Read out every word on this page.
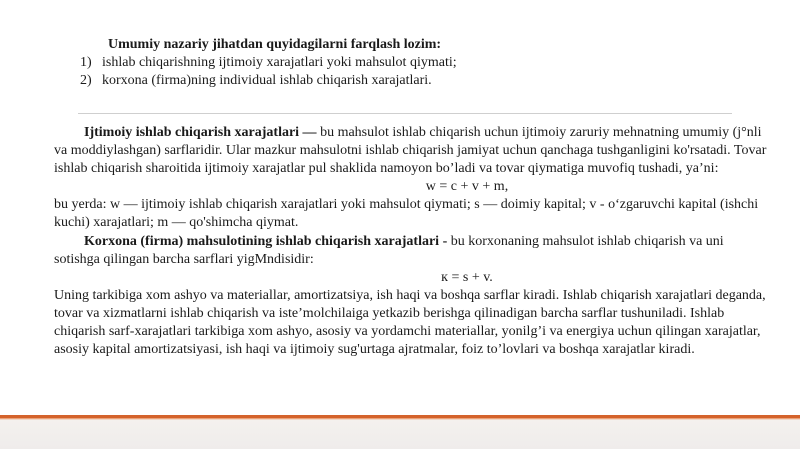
Umumiy nazariy jihatdan quyidagilarni farqlash lozim:
1) ishlab chiqarishning ijtimoiy xarajatlari yoki mahsulot qiymati;
2) korxona (firma)ning individual ishlab chiqarish xarajatlari.

Ijtimoiy ishlab chiqarish xarajatlari — bu mahsulot ishlab chiqarish uchun ijtimoiy zaruriy mehnatning umumiy (j°nli va moddiylashgan) sarflaridir. Ular mazkur mahsulotni ishlab chiqarish jamiyat uchun qanchaga tushganligini ko'rsatadi. Tovar ishlab chiqarish sharoitida ijtimoiy xarajatlar pul shaklida namoyon bo’ladi va tovar qiymatiga muvofiq tushadi, ya’ni:

w = c + v + m,

bu yerda: w — ijtimoiy ishlab chiqarish xarajatlari yoki mahsulot qiymati; s — doimiy kapital; v - o‘zgaruvchi kapital (ishchi kuchi) xarajatlari; m — qo'shimcha qiymat.

Korxona (firma) mahsulotining ishlab chiqarish xarajatlari - bu korxonaning mahsulot ishlab chiqarish va uni sotishga qilingan barcha sarflari yigMndisidir:

к = s + v.

Uning tarkibiga xom ashyo va materiallar, amortizatsiya, ish haqi va boshqa sarflar kiradi. Ishlab chiqarish xarajatlari deganda, tovar va xizmatlarni ishlab chiqarish va iste’molchilaiga yetkazib berishga qilinadigan barcha sarflar tushuniladi. Ishlab chiqarish sarf-xarajatlari tarkibiga xom ashyo, asosiy va yordamchi materiallar, yonilg’i va energiya uchun qilingan xarajatlar, asosiy kapital amortizatsiyasi, ish haqi va ijtimoiy sug'urtaga ajratmalar, foiz to’lovlari va boshqa xarajatlar kiradi.
